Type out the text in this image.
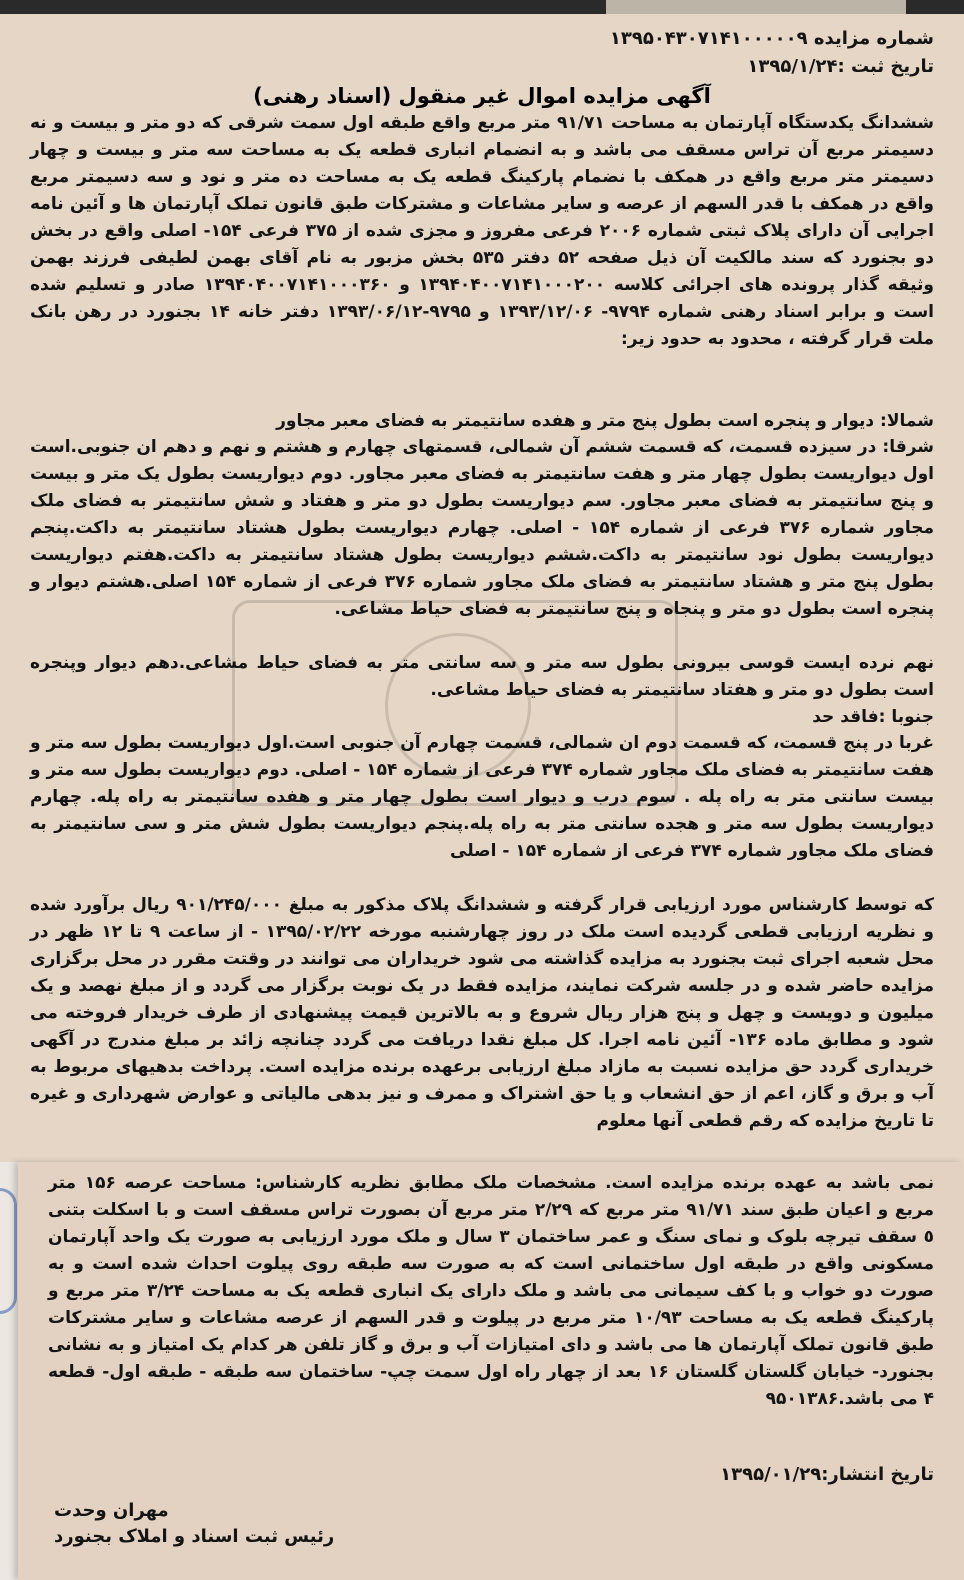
شماره مزایده ۱۳۹۵۰۴۳۰۷۱۴۱۰۰۰۰۰۹
تاریخ ثبت :۱۳۹۵/۱/۲۴
آگهی مزایده اموال غیر منقول (اسناد رهنی)
ششدانگ یکدستگاه آپارتمان به مساحت ۹۱/۷۱ متر مربع واقع طبقه اول سمت شرقی که دو متر و بیست و نه دسیمتر مربع آن تراس مسقف می باشد و به انضمام انباری قطعه یک به مساحت سه متر و بیست و چهار دسیمتر متر مربع واقع در همکف با نضمام پارکینگ قطعه یک به مساحت ده متر و نود و سه دسیمتر مربع واقع در همکف با قدر السهم از عرصه و سایر مشاعات و مشترکات طبق قانون تملک آپارتمان ها و آئین نامه اجرایی آن دارای پلاک ثبتی شماره ۲۰۰۶ فرعی مفروز و مجزی شده از ۳۷۵ فرعی ۱۵۴- اصلی واقع در بخش دو بجنورد که سند مالکیت آن ذیل صفحه ۵۲ دفتر ۵۳۵ بخش مزبور به نام آقای بهمن لطیفی فرزند بهمن وثیقه گذار پرونده های اجرائی کلاسه ۱۳۹۴۰۴۰۰۷۱۴۱۰۰۰۲۰۰ و ۱۳۹۴۰۴۰۰۷۱۴۱۰۰۰۳۶۰ صادر و تسلیم شده است و برابر اسناد رهنی شماره ۹۷۹۴- ۱۳۹۳/۱۲/۰۶ و ۹۷۹۵-۱۳۹۳/۰۶/۱۲ دفتر خانه ۱۴ بجنورد در رهن بانک ملت قرار گرفته ، محدود به حدود زیر:
شمالا: دیوار و پنجره است بطول پنج متر و هفده سانتیمتر به فضای معبر مجاور
شرقا: در سیزده قسمت، که قسمت ششم آن شمالی، قسمتهای چهارم و هشتم و نهم و دهم ان جنوبی.است اول دیواریست بطول چهار متر و هفت سانتیمتر به فضای معبر مجاور. دوم دیواریست بطول یک متر و بیست و پنج سانتیمتر به فضای معبر مجاور. سم دیواریست بطول دو متر و هفتاد و شش سانتیمتر به فضای ملک مجاور شماره ۳۷۶ فرعی از شماره ۱۵۴ - اصلی. چهارم دیواریست بطول هشتاد سانتیمتر به داکت.پنجم دیواریست بطول نود سانتیمتر به داکت.ششم دیواریست بطول هشتاد سانتیمتر به داکت.هفتم دیواریست بطول پنج متر و هشتاد سانتیمتر به فضای ملک مجاور شماره ۳۷۶ فرعی از شماره ۱۵۴ اصلی.هشتم دیوار و پنجره است بطول دو متر و پنجاه و پنج سانتیمتر به فضای حیاط مشاعی.
نهم نرده ایست قوسی بیرونی بطول سه متر و سه سانتی متر به فضای حیاط مشاعی.دهم دیوار وپنجره است بطول دو متر و هفتاد سانتیمتر به فضای حیاط مشاعی.
جنوبا :فاقد حد
غربا در پنج قسمت، که قسمت دوم ان شمالی، قسمت چهارم آن جنوبی است.اول دیواریست بطول سه متر و هفت سانتیمتر به فضای ملک مجاور شماره ۳۷۴ فرعی از شماره ۱۵۴ - اصلی. دوم دیواریست بطول سه متر و بیست سانتی متر به راه پله . سوم درب و دیوار است بطول چهار متر و هفده سانتیمتر به راه پله. چهارم دیواریست بطول سه متر و هجده سانتی متر به راه پله.پنجم دیواریست بطول شش متر و سی سانتیمتر به فضای ملک مجاور شماره ۳۷۴ فرعی از شماره ۱۵۴ - اصلی
که توسط کارشناس مورد ارزیابی قرار گرفته و ششدانگ پلاک مذکور به مبلغ ۹۰۱/۲۴۵/۰۰۰ ریال برآورد شده و نظریه ارزیابی قطعی گردیده است ملک در روز چهارشنبه مورخه ۱۳۹۵/۰۲/۲۲ - از ساعت ۹ تا ۱۲ ظهر در محل شعبه اجرای ثبت بجنورد به مزایده گذاشته می شود خریداران می توانند در وقتت مقرر در محل برگزاری مزایده حاضر شده و در جلسه شرکت نمایند، مزایده فقط در یک نوبت برگزار می گردد و از مبلغ نهصد و یک میلیون و دویست و چهل و پنج هزار ریال شروع و به بالاترین قیمت پیشنهادی از طرف خریدار فروخته می شود و مطابق ماده ۱۳۶- آئین نامه اجرا. کل مبلغ نقدا دریافت می گردد چنانچه زائد بر مبلغ مندرج در آگهی خریداری گردد حق مزایده نسبت به مازاد مبلغ ارزیابی برعهده برنده مزایده است. پرداخت بدهیهای مربوط به آب و برق و گاز، اعم از حق انشعاب و یا حق اشتراک و ممرف و نیز بدهی مالیاتی و عوارض شهرداری و غیره تا تاریخ مزایده که رقم قطعی آنها معلوم
نمی باشد به عهده برنده مزایده است. مشخصات ملک مطابق نظریه کارشناس: مساحت عرصه ۱۵۶ متر مربع و اعیان طبق سند ۹۱/۷۱ متر مربع که ۲/۲۹ متر مربع آن بصورت تراس مسقف است و با اسکلت بتنی ٥ سقف تیرچه بلوک و نمای سنگ و عمر ساختمان ۳ سال و ملک مورد ارزیابی به صورت یک واحد آپارتمان مسکونی واقع در طبقه اول ساختمانی است که به صورت سه طبقه روی پیلوت احداث شده است و به صورت دو خواب و با کف سیمانی می باشد و ملک دارای یک انباری قطعه یک به مساحت ۳/۲۴ متر مربع و پارکینگ قطعه یک به مساحت ۱۰/۹۳ متر مربع در پیلوت و قدر السهم از عرصه مشاعات و سایر مشترکات طبق قانون تملک آپارتمان ها می باشد و دای امتیازات آب و برق و گاز تلفن هر کدام یک امتیاز و به نشانی بجنورد- خیابان گلستان گلستان ۱۶ بعد از چهار راه اول سمت چپ- ساختمان سه طبقه - طبقه اول- قطعه ۴ می باشد.۹۵۰۱۳۸۶
تاریخ انتشار:۱۳۹۵/۰۱/۲۹
مهران وحدت
رئیس ثبت اسناد و املاک بجنورد
